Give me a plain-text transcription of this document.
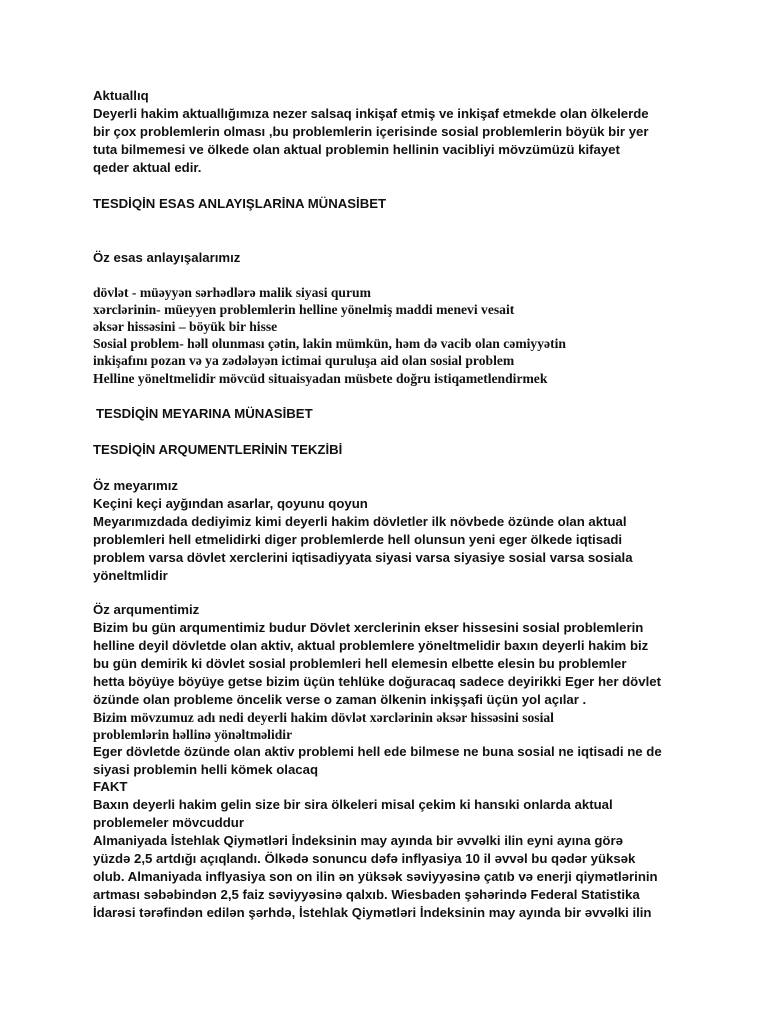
Aktuallıq
Deyerli hakim aktuallığımıza nezer salsaq inkişaf etmiş ve inkişaf etmekde olan ölkelerde
bir çox problemlerin olması ,bu problemlerin içerisinde sosial problemlerin böyük bir yer
tuta bilmemesi ve ölkede olan aktual problemin hellinin vacibliyi mövzümüzü kifayet
qeder aktual edir.
TESDİQİN ESAS ANLAYIŞLARİNA MÜNASİBET
Öz esas anlayışalarımız
dövlət - müəyyən sərhədlərə malik siyasi qurum
xərclərinin- müeyyen problemlerin helline yönelmiş maddi menevi vesait
əksər hissəsini – böyük bir hisse
Sosial problem- həll olunması çətin, lakin mümkün, həm də vacib olan cəmiyyətin
inkişafını pozan və ya zədələyən ictimai quruluşa aid olan sosial problem
Helline yöneltmelidir mövcüd situaisyadan müsbete doğru istiqametlendirmek
TESDİQİN MEYARINA MÜNASİBET
TESDİQİN ARQUMENTLERİNİN TEKZİBİ
Öz meyarımız
Keçini keçi ayğından asarlar, qoyunu qoyun
Meyarımızdada dediyimiz kimi deyerli hakim dövletler ilk növbede özünde olan aktual
problemleri hell etmelidirki diger problemlerde hell olunsun yeni eger ölkede iqtisadi
problem varsa dövlet xerclerini iqtisadiyyata siyasi varsa siyasiye sosial varsa sosiala
yöneltmlidir
Öz arqumentimiz
Bizim bu gün arqumentimiz budur Dövlet xerclerinin ekser hissesini sosial problemlerin
helline deyil dövletde olan aktiv, aktual problemlere yöneltmelidir baxın deyerli hakim biz
bu gün demirik ki dövlet sosial problemleri hell elemesin elbette elesin bu problemler
hetta böyüye böyüye getse bizim üçün tehlüke doğuracaq sadece deyirikki Eger her dövlet
özünde olan probleme öncelik verse o zaman ölkenin inkişşafi üçün yol açılar .
Bizim mövzumuz adı nedi deyerli hakim dövlət xərclərinin əksər hissəsini sosial
problemlərin həllinə yönəltməlidir
Eger dövletde özünde olan aktiv problemi hell ede bilmese ne buna sosial ne iqtisadi ne de
siyasi problemin helli kömek olacaq
FAKT
Baxın deyerli hakim gelin size bir sira ölkeleri misal çekim ki hansıki onlarda aktual
problemeler mövcuddur
Almaniyada İstehlak Qiymətləri İndeksinin may ayında bir əvvəlki ilin eyni ayına görə
yüzdə 2,5 artdığı açıqlandı. Ölkədə sonuncu dəfə inflyasiya 10 il əvvəl bu qədər yüksək
olub. Almaniyada inflyasiya son on ilin ən yüksək səviyyəsinə çatıb və enerji qiymətlərinin
artması səbəbindən 2,5 faiz səviyyəsinə qalxıb. Wiesbaden şəhərində Federal Statistika
İdarəsi tərəfindən edilən şərhdə, İstehlak Qiymətləri İndeksinin may ayında bir əvvəlki ilin
